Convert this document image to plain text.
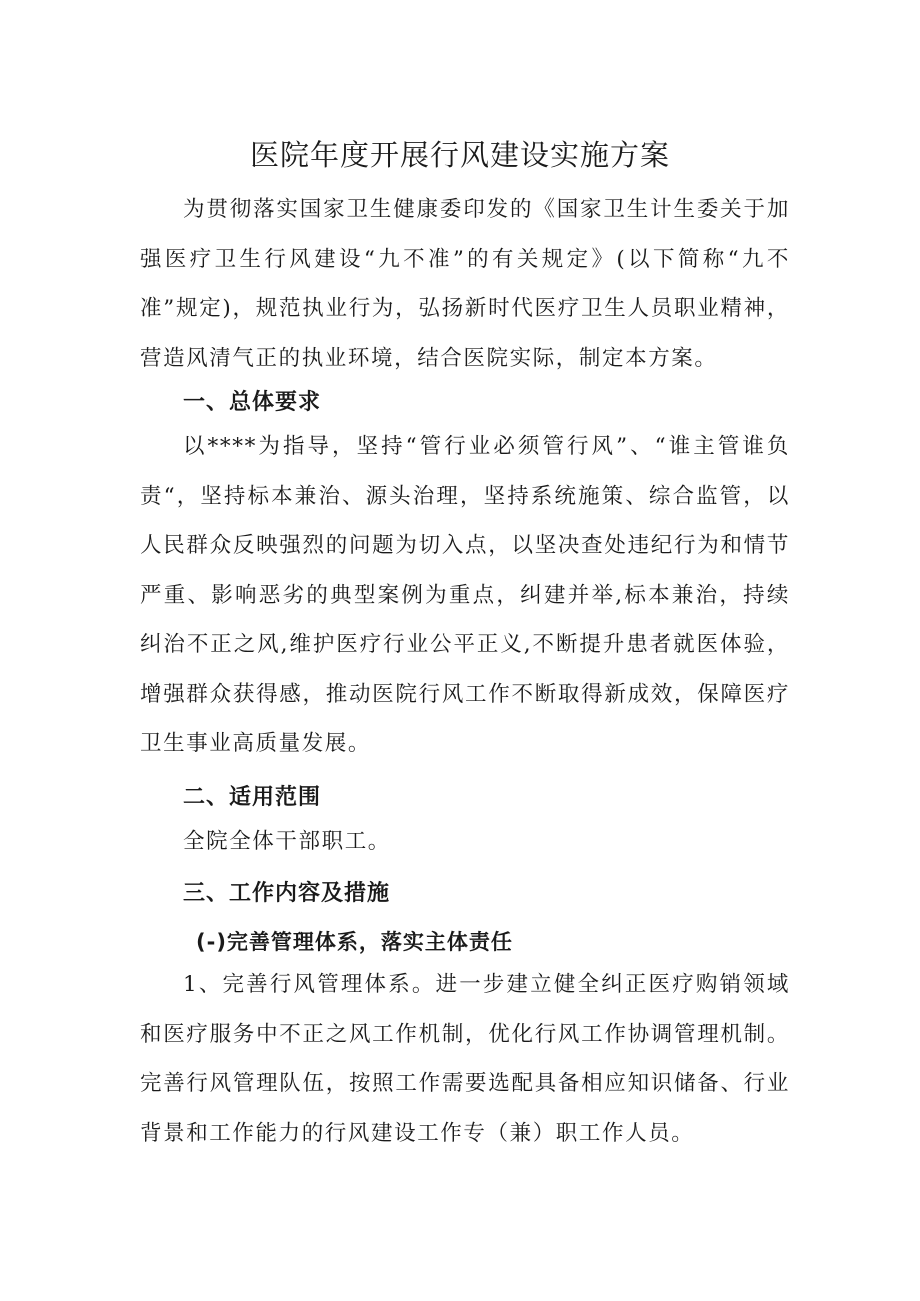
医院年度开展行风建设实施方案

为贯彻落实国家卫生健康委印发的《国家卫生计生委关于加强医疗卫生行风建设“九不准”的有关规定》(以下简称“九不准”规定)，规范执业行为，弘扬新时代医疗卫生人员职业精神，营造风清气正的执业环境，结合医院实际，制定本方案。

一、总体要求

以****为指导，坚持“管行业必须管行风”、“谁主管谁负责“，坚持标本兼治、源头治理，坚持系统施策、综合监管，以人民群众反映强烈的问题为切入点，以坚决查处违纪行为和情节严重、影响恶劣的典型案例为重点，纠建并举,标本兼治，持续纠治不正之风,维护医疗行业公平正义,不断提升患者就医体验，增强群众获得感，推动医院行风工作不断取得新成效，保障医疗卫生事业高质量发展。

二、适用范围

全院全体干部职工。

三、工作内容及措施
(-)完善管理体系，落实主体责任

1、完善行风管理体系。进一步建立健全纠正医疗购销领域和医疗服务中不正之风工作机制，优化行风工作协调管理机制。完善行风管理队伍，按照工作需要选配具备相应知识储备、行业背景和工作能力的行风建设工作专（兼）职工作人员。
